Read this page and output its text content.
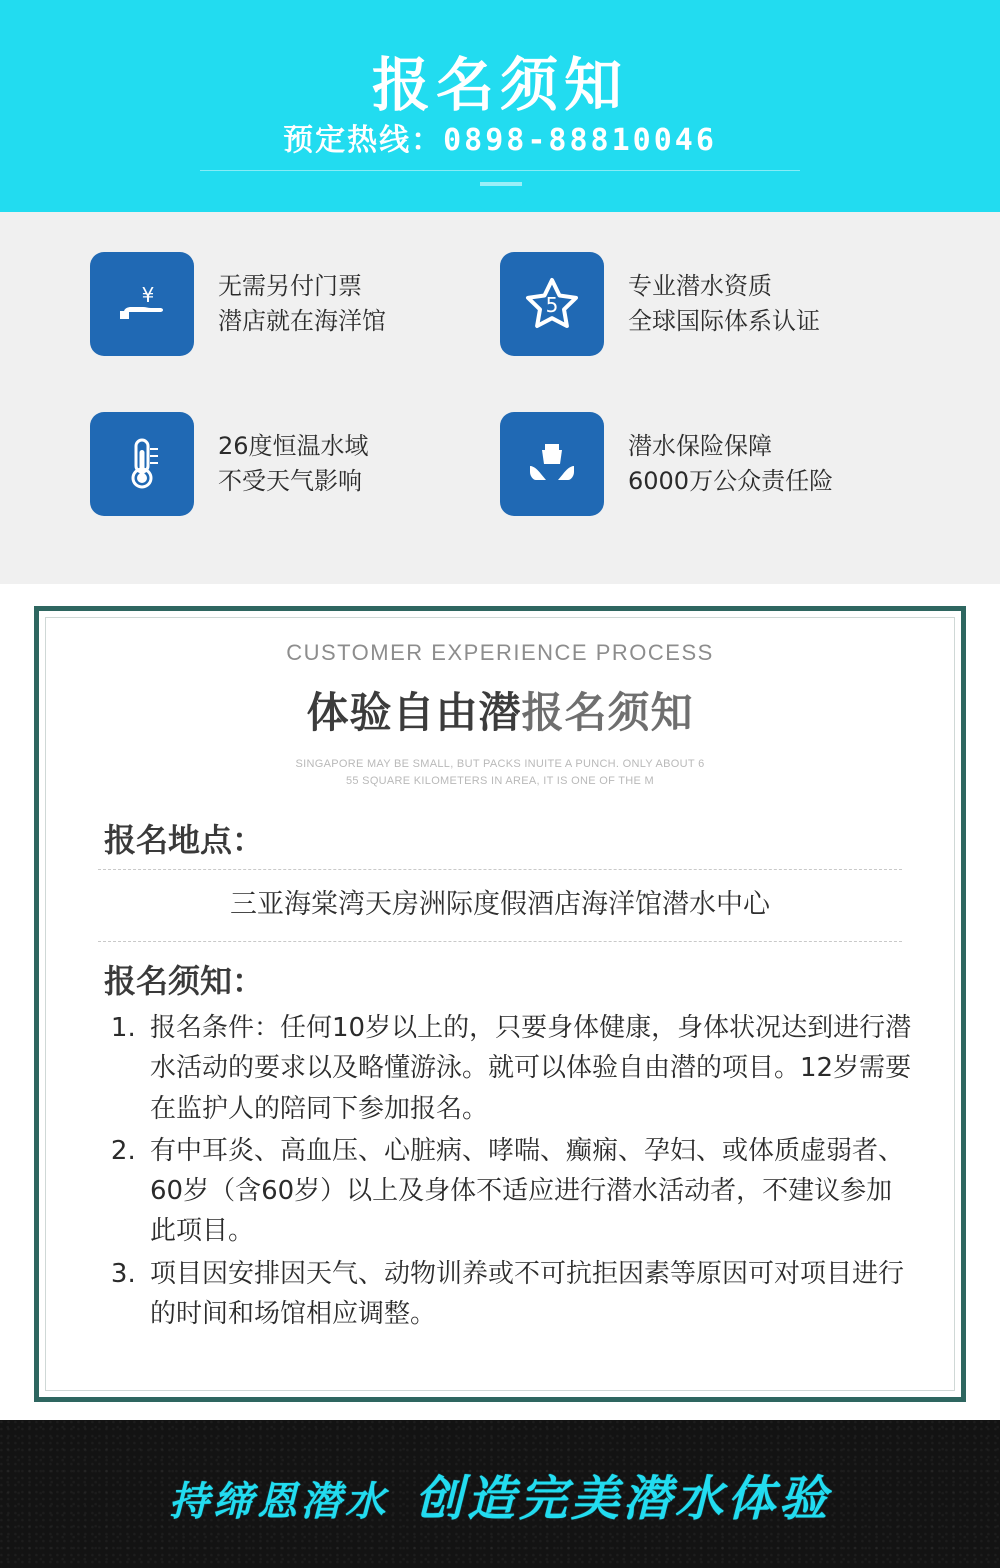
报名须知
预定热线：0898-88810046
¥	无需另付门票
潜店就在海洋馆
5
专业潜水资质
全球国际体系认证
26度恒温水域
不受天气影响
潜水保险保障
6000万公众责任险
CUSTOMER EXPERIENCE PROCESS
体验自由潜报名须知
SINGAPORE MAY BE SMALL, BUT PACKS INUITE A PUNCH. ONLY ABOUT 6
55 SQUARE KILOMETERS IN AREA, IT IS ONE OF THE M
报名地点：
三亚海棠湾天房洲际度假酒店海洋馆潜水中心
报名须知：
1. 报名条件：任何10岁以上的，只要身体健康，身体状况达到进行潜水活动的要求以及略懂游泳。就可以体验自由潜的项目。12岁需要在监护人的陪同下参加报名。
2. 有中耳炎、高血压、心脏病、哮喘、癫痫、孕妇、或体质虚弱者、60岁（含60岁）以上及身体不适应进行潜水活动者，不建议参加此项目。
3. 项目因安排因天气、动物训养或不可抗拒因素等原因可对项目进行的时间和场馆相应调整。
持缔恩潜水 创造完美潜水体验
